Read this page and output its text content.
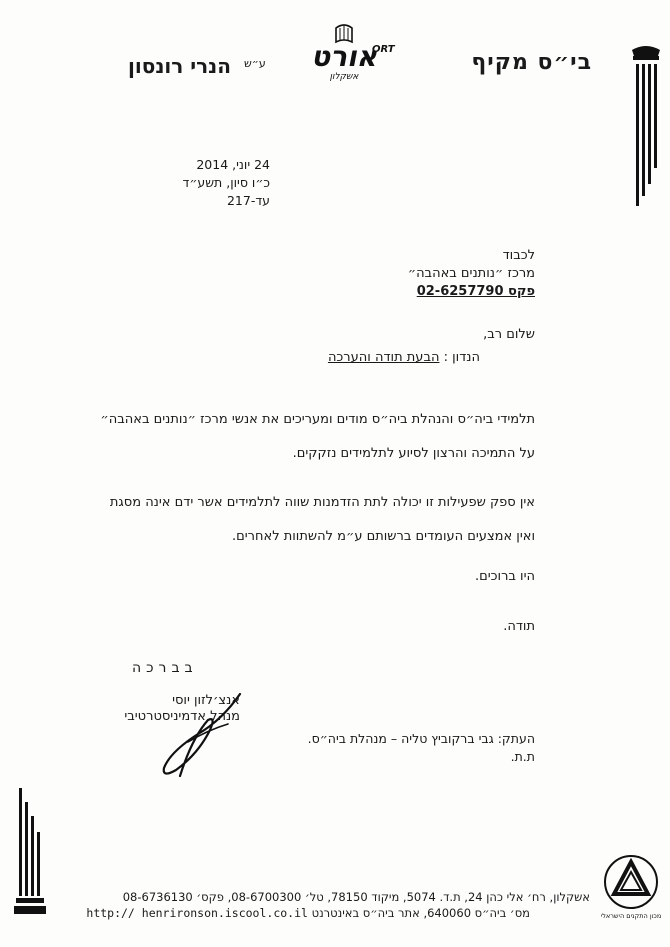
בי״ס מקיף
ע״ש
הנרי רונסון
ORT
אורט
אשקלון
24 יוני, 2014
כ״ו סיון, תשע״ד
עד-217
לכבוד
מרכז ״נותנים באהבה״
פקס 02-6257790
שלום רב,
הנדון : הבעת תודה והערכה
תלמידי ביה״ס והנהלת ביה״ס מודים ומעריכים את אנשי מרכז ״נותנים באהבה״
על התמיכה והרצון לסיוע לתלמידים נזקקים.
אין ספק שפעילות זו יכולה לתת הזדמנות שווה לתלמידים אשר ידם אינה מסגת
ואין אמצעים העומדים ברשותם ע״מ להשתוות לאחרים.
היו ברוכים.
תודה.
בברכה
אנצ׳לזון יוסי
מנהל אדמיניסטרטיבי
העתק: גבי ברקוביץ טליה – מנהלת ביה״ס.
ת.ת.
מכון התקנים הישראלי
אשקלון, רח׳ אלי כהן 24, ת.ד. 5074, מיקוד 78150, טל׳ 08-6700300, פקס׳ 08-6736130
מס׳ ביה״ס 640060, אתר ביה״ס באינטרנט http:// henrironson.iscool.co.il
